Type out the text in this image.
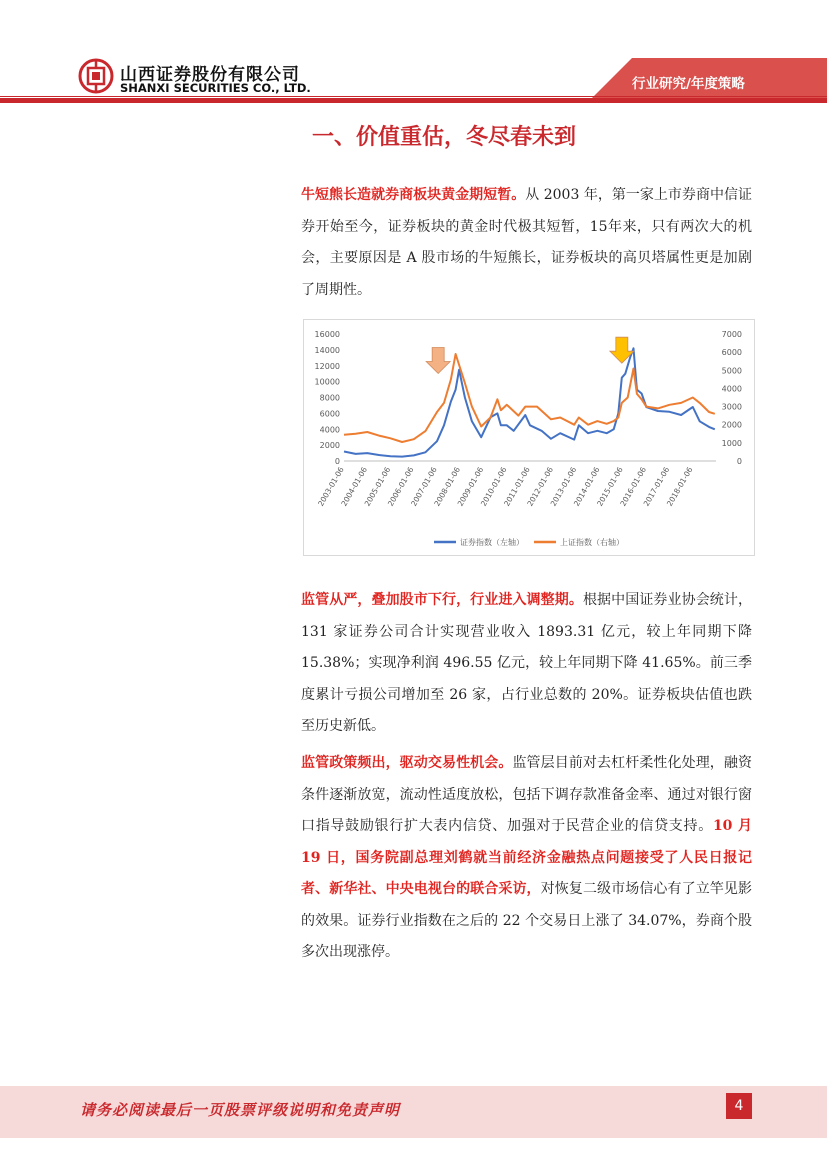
山西证券股份有限公司
SHANXI SECURITIES CO., LTD.	行业研究/年度策略
一、价值重估，冬尽春未到

牛短熊长造就券商板块黄金期短暂。从 2003 年，第一家上市券商中信证券开始至今，证券板块的黄金时代极其短暂，15年来，只有两次大的机会，主要原因是 A 股市场的牛短熊长，证券板块的高贝塔属性更是加剧了周期性。

0
2000
4000
6000
8000
10000
12000
14000
16000
0
1000
2000
3000
4000
5000
6000
7000
2003-01-06
2004-01-06
2005-01-06
2006-01-06
2007-01-06
2008-01-06
2009-01-06
2010-01-06
2011-01-06
2012-01-06
2013-01-06
2014-01-06
2015-01-06
2016-01-06
2017-01-06
2018-01-06
证券指数（左轴）	上证指数（右轴）

监管从严，叠加股市下行，行业进入调整期。根据中国证券业协会统计，131 家证券公司合计实现营业收入 1893.31 亿元，较上年同期下降 15.38%；实现净利润 496.55 亿元，较上年同期下降 41.65%。前三季度累计亏损公司增加至 26 家，占行业总数的 20%。证券板块估值也跌至历史新低。

监管政策频出，驱动交易性机会。监管层目前对去杠杆柔性化处理，融资条件逐渐放宽，流动性适度放松，包括下调存款准备金率、通过对银行窗口指导鼓励银行扩大表内信贷、加强对于民营企业的信贷支持。10 月 19 日，国务院副总理刘鹤就当前经济金融热点问题接受了人民日报记者、新华社、中央电视台的联合采访，对恢复二级市场信心有了立竿见影的效果。证券行业指数在之后的 22 个交易日上涨了 34.07%，券商个股多次出现涨停。

请务必阅读最后一页股票评级说明和免责声明	4
